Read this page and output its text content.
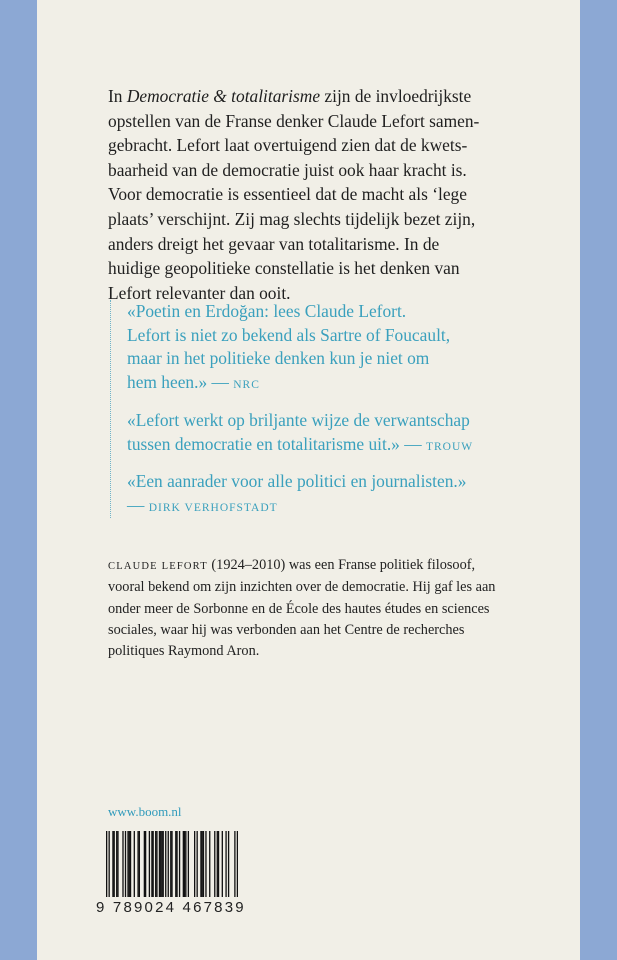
In Democratie & totalitarisme zijn de invloedrijkste
opstellen van de Franse denker Claude Lefort samen-
gebracht. Lefort laat overtuigend zien dat de kwets-
baarheid van de democratie juist ook haar kracht is.
Voor democratie is essentieel dat de macht als ‘lege
plaats’ verschijnt. Zij mag slechts tijdelijk bezet zijn,
anders dreigt het gevaar van totalitarisme. In de
huidige geopolitieke constellatie is het denken van
Lefort relevanter dan ooit.
«Poetin en Erdoğan: lees Claude Lefort.
Lefort is niet zo bekend als Sartre of Foucault,
maar in het politieke denken kun je niet om
hem heen.» — NRC
«Lefort werkt op briljante wijze de verwantschap
tussen democratie en totalitarisme uit.» — TROUW
«Een aanrader voor alle politici en journalisten.»
— DIRK VERHOFSTADT
CLAUDE LEFORT (1924–2010) was een Franse politiek filosoof,
vooral bekend om zijn inzichten over de democratie. Hij gaf les aan
onder meer de Sorbonne en de École des hautes études en sciences
sociales, waar hij was verbonden aan het Centre de recherches
politiques Raymond Aron.
www.boom.nl
9 789024 467839
